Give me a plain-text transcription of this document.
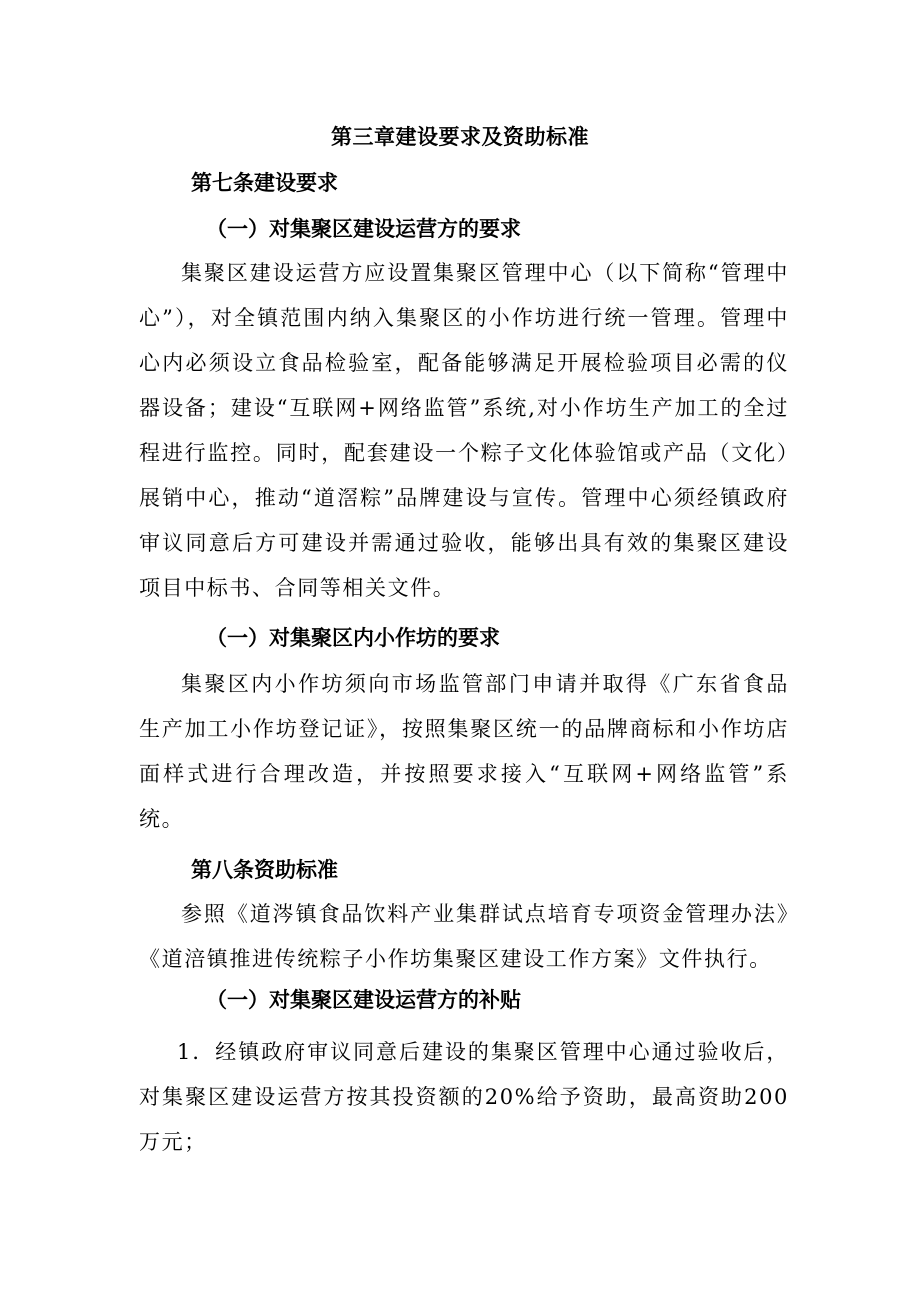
第三章建设要求及资助标准
第七条建设要求
（一）对集聚区建设运营方的要求
集聚区建设运营方应设置集聚区管理中心（以下简称“管理中心”），对全镇范围内纳入集聚区的小作坊进行统一管理。管理中心内必须设立食品检验室，配备能够满足开展检验项目必需的仪器设备；建设“互联网+网络监管”系统,对小作坊生产加工的全过程进行监控。同时，配套建设一个粽子文化体验馆或产品（文化）展销中心，推动“道滘粽”品牌建设与宣传。管理中心须经镇政府审议同意后方可建设并需通过验收，能够出具有效的集聚区建设项目中标书、合同等相关文件。
（一）对集聚区内小作坊的要求
集聚区内小作坊须向市场监管部门申请并取得《广东省食品生产加工小作坊登记证》，按照集聚区统一的品牌商标和小作坊店面样式进行合理改造，并按照要求接入“互联网+网络监管”系统。
第八条资助标准
参照《道涔镇食品饮料产业集群试点培育专项资金管理办法》《道涪镇推进传统粽子小作坊集聚区建设工作方案》文件执行。
（一）对集聚区建设运营方的补贴
1．经镇政府审议同意后建设的集聚区管理中心通过验收后，对集聚区建设运营方按其投资额的20%给予资助，最高资助200万元；
